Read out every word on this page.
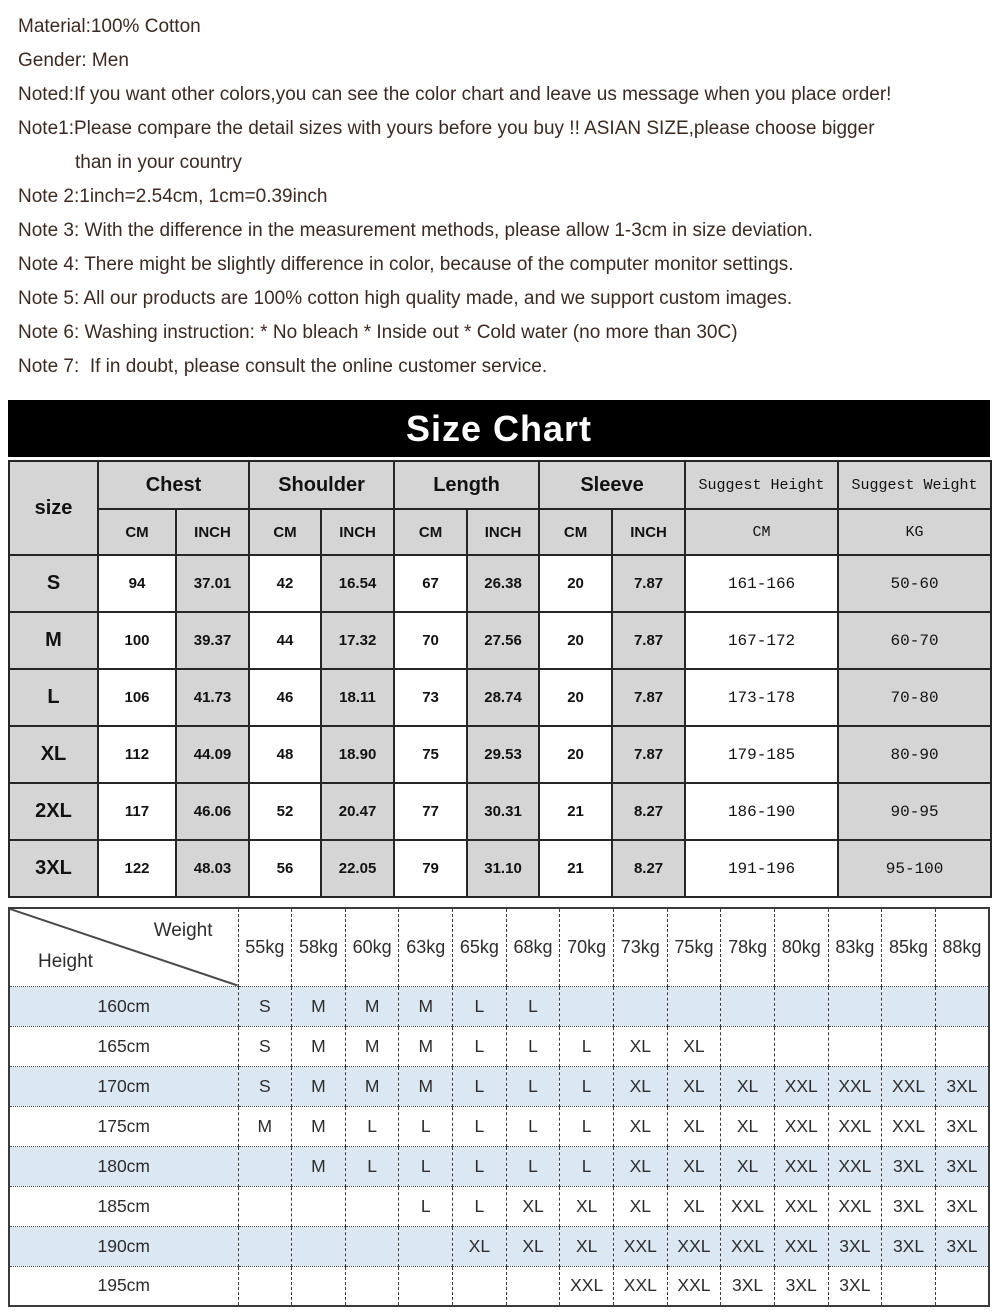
Material:100% Cotton
Gender: Men
Noted:If you want other colors,you can see the color chart and leave us message when you place order!
Note1:Please compare the detail sizes with yours before you buy !! ASIAN SIZE,please choose bigger
than in your country
Note 2:1inch=2.54cm, 1cm=0.39inch
Note 3: With the difference in the measurement methods, please allow 1-3cm in size deviation.
Note 4: There might be slightly difference in color, because of the computer monitor settings.
Note 5: All our products are 100% cotton high quality made, and we support custom images.
Note 6: Washing instruction: * No bleach * Inside out * Cold water (no more than 30C)
Note 7:  If in doubt, please consult the online customer service.
Size Chart
size	Chest		Shoulder		Length		Sleeve		Suggest Height	Suggest Weight
	CM	INCH	CM	INCH	CM	INCH	CM	INCH	CM	KG
S	94	37.01	42	16.54	67	26.38	20	7.87	161-166	50-60
M	100	39.37	44	17.32	70	27.56	20	7.87	167-172	60-70
L	106	41.73	46	18.11	73	28.74	20	7.87	173-178	70-80
XL	112	44.09	48	18.90	75	29.53	20	7.87	179-185	80-90
2XL	117	46.06	52	20.47	77	30.31	21	8.27	186-190	90-95
3XL	122	48.03	56	22.05	79	31.10	21	8.27	191-196	95-100
Weight
Height	55kg	58kg	60kg	63kg	65kg	68kg	70kg	73kg	75kg	78kg	80kg	83kg	85kg	88kg
160cm	S	M	M	M	L	L								
165cm	S	M	M	M	L	L	L	XL	XL					
170cm	S	M	M	M	L	L	L	XL	XL	XL	XXL	XXL	XXL	3XL
175cm	M	M	L	L	L	L	L	XL	XL	XL	XXL	XXL	XXL	3XL
180cm		M	L	L	L	L	L	XL	XL	XL	XXL	XXL	3XL	3XL
185cm				L	L	XL	XL	XL	XL	XXL	XXL	XXL	3XL	3XL
190cm					XL	XL	XL	XXL	XXL	XXL	XXL	3XL	3XL	3XL
195cm							XXL	XXL	XXL	3XL	3XL	3XL		
